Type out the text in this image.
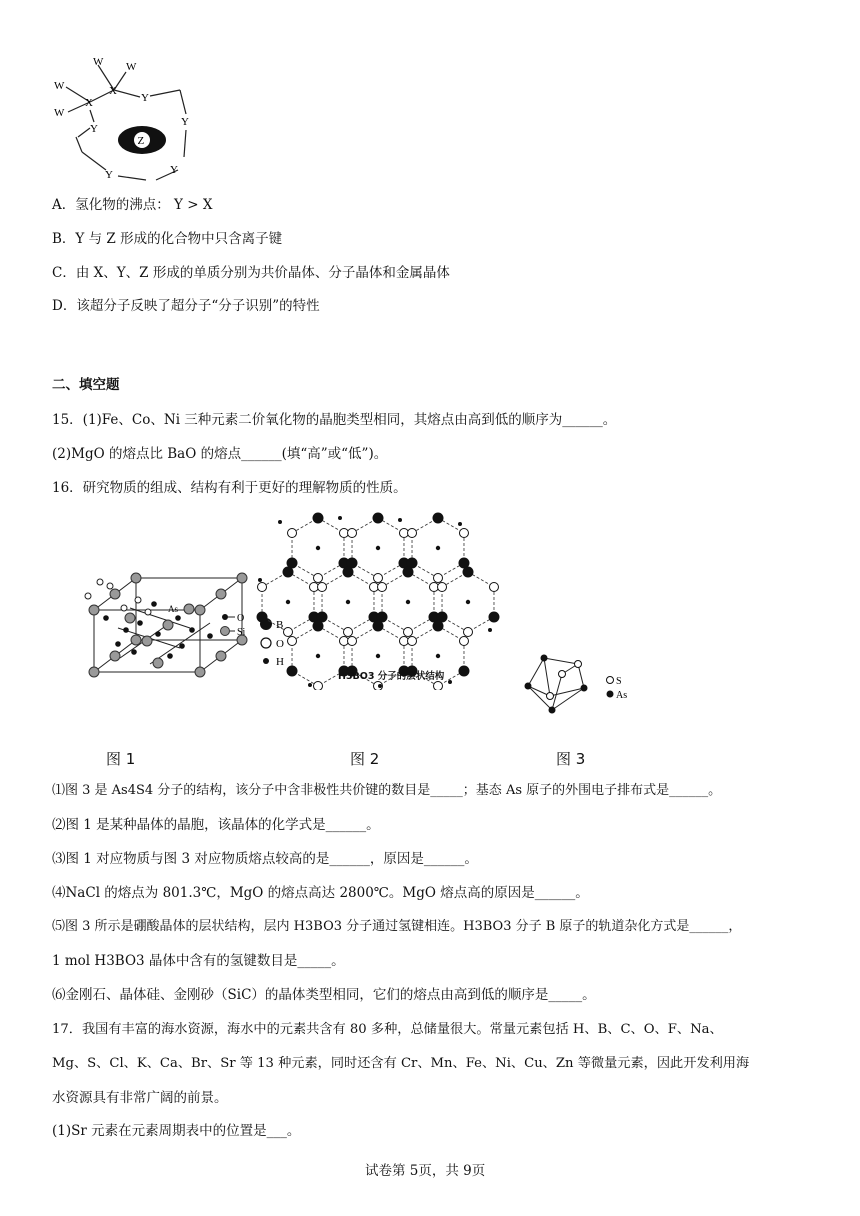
W W
W
W
X
X	Y
Y
Y
Y
Y
Z
A．氢化物的沸点： Y > X
B．Y 与 Z 形成的化合物中只含离子键
C．由 X、Y、Z 形成的单质分别为共价晶体、分子晶体和金属晶体
D．该超分子反映了超分子“分子识别”的特性
二、填空题
15．(1)Fe、Co、Ni 三种元素二价氧化物的晶胞类型相同，其熔点由高到低的顺序为______。
(2)MgO 的熔点比 BaO 的熔点______(填“高”或“低”)。
16．研究物质的组成、结构有利于更好的理解物质的性质。
As
O
Si
B
O
H
H3BO3 分子的层状结构	S
As
图 1	图 2	图 3
⑴图 3 是 As4S4 分子的结构，该分子中含非极性共价键的数目是_____；基态 As 原子的外围电子排布式是______。
⑵图 1 是某种晶体的晶胞，该晶体的化学式是______。
⑶图 1 对应物质与图 3 对应物质熔点较高的是______，原因是______。
⑷NaCl 的熔点为 801.3℃，MgO 的熔点高达 2800℃。MgO 熔点高的原因是______。
⑸图 3 所示是硼酸晶体的层状结构，层内 H3BO3 分子通过氢键相连。H3BO3 分子 B 原子的轨道杂化方式是______，
1 mol H3BO3 晶体中含有的氢键数目是_____。
⑹金刚石、晶体硅、金刚砂（SiC）的晶体类型相同，它们的熔点由高到低的顺序是_____。
17．我国有丰富的海水资源，海水中的元素共含有 80 多种，总储量很大。常量元素包括 H、B、C、O、F、Na、
Mg、S、Cl、K、Ca、Br、Sr 等 13 种元素，同时还含有 Cr、Mn、Fe、Ni、Cu、Zn 等微量元素，因此开发利用海
水资源具有非常广阔的前景。
(1)Sr 元素在元素周期表中的位置是___。
试卷第 5页，共 9页
